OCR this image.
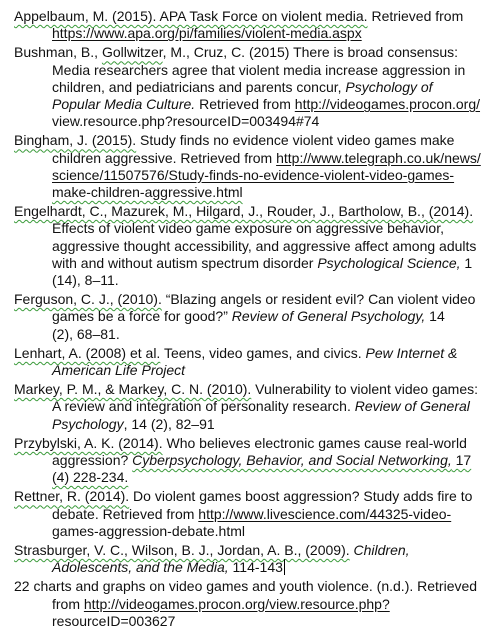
Appelbaum, M. (2015). APA Task Force on violent media. Retrieved from
https://www.apa.org/pi/families/violent-media.aspx

Bushman, B., Gollwitzer, M., Cruz, C. (2015) There is broad consensus:
Media researchers agree that violent media increase aggression in
children, and pediatricians and parents concur, Psychology of
Popular Media Culture. Retrieved from http://videogames.procon.org/
view.resource.php?resourceID=003494#74

Bingham, J. (2015). Study finds no evidence violent video games make
children aggressive. Retrieved from http://www.telegraph.co.uk/news/
science/11507576/Study-finds-no-evidence-violent-video-games-
make-children-aggressive.html

Engelhardt, C., Mazurek, M., Hilgard, J., Rouder, J., Bartholow, B., (2014).
Effects of violent video game exposure on aggressive behavior,
aggressive thought accessibility, and aggressive affect among adults
with and without autism spectrum disorder Psychological Science, 1
(14), 8–11.

Ferguson, C. J., (2010). “Blazing angels or resident evil? Can violent video
games be a force for good?” Review of General Psychology, 14
(2), 68–81.

Lenhart, A. (2008) et al. Teens, video games, and civics. Pew Internet &
American Life Project

Markey, P. M., & Markey, C. N. (2010). Vulnerability to violent video games:
A review and integration of personality research. Review of General
Psychology, 14 (2), 82–91

Przybylski, A. K. (2014). Who believes electronic games cause real-world
aggression? Cyberpsychology, Behavior, and Social Networking, 17
(4) 228-234.

Rettner, R. (2014). Do violent games boost aggression? Study adds fire to
debate. Retrieved from http://www.livescience.com/44325-video-
games-aggression-debate.html

Strasburger, V. C., Wilson, B. J., Jordan, A. B., (2009). Children,
Adolescents, and the Media, 114-143

22 charts and graphs on video games and youth violence. (n.d.). Retrieved
from http://videogames.procon.org/view.resource.php?
resourceID=003627
